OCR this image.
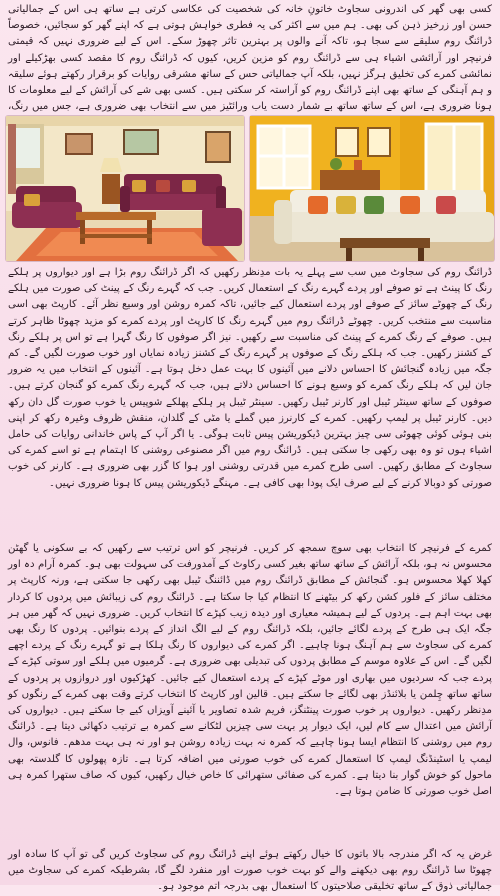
کسی بھی گھر کی اندرونی سجاوٹ خاتونِ خانہ کی شخصیت کی عکاسی کرتی ہے ساتھ ہی اس کے جمالیاتی حسن اور زرخیز ذہن کی بھی۔ ہم میں سے اکثر کی یہ فطری خواہش ہوتی ہے کہ اپنے گھر کو سجائیں، خصوصاً ڈرائنگ روم سلیقے سے سجا ہو، تاکہ آنے والوں پر بہترین تاثر چھوڑ سکے۔ اس کے لیے ضروری نہیں کہ قیمتی فرنیچر اور آرائشی اشیاء ہی سے ڈرائنگ روم کو مزین کریں، کیوں کہ ڈرائنگ روم کا مقصد کسی بھڑکیلے اور نمائشی کمرے کی تخلیق ہرگز نہیں، بلکہ آپ جمالیاتی حس کے ساتھ مشرقی روایات کو برقرار رکھتے ہوئے سلیقہ و ہم آہنگی کے ساتھ بھی اپنے ڈرائنگ روم کو آراستہ کر سکتی ہیں۔ کسی بھی شے کی آرائش کے لیے معلومات کا ہونا ضروری ہے، اس کے ساتھ ساتھ بے شمار دست یاب ورائٹیز میں سے انتخاب بھی ضروری ہے، جس میں رنگ،
ڈرائنگ روم کی سجاوٹ میں سب سے پہلے یہ بات مدِنظر رکھیں کہ اگر ڈرائنگ روم بڑا ہے اور دیواروں پر ہلکے رنگ کا پینٹ ہے تو صوفے اور پردے گہرے رنگ کے استعمال کریں۔ جب کہ گہرے رنگ کے پینٹ کی صورت میں ہلکے رنگ کے چھوٹے سائز کے صوفے اور پردے استعمال کیے جائیں، تاکہ کمرہ روشن اور وسیع نظر آئے۔ کارپٹ بھی اسی مناسبت سے منتخب کریں۔ چھوٹے ڈرائنگ روم میں گہرے رنگ کا کارپٹ اور پردے کمرے کو مزید چھوٹا ظاہر کرتے ہیں۔ صوفے کے رنگ کمرے کے پینٹ کی مناسبت سے رکھیں۔ نیز اگر صوفوں کا رنگ گہرا ہے تو اس پر ہلکے رنگ کے کشنز رکھیں۔ جب کہ ہلکے رنگ کے صوفوں پر گہرے رنگ کے کشنز زیادہ نمایاں اور خوب صورت لگیں گے۔ کم جگہ میں زیادہ گنجائش کا احساس دلانے میں آئینوں کا بہت عمل دخل ہوتا ہے۔ آئینوں کے انتخاب میں یہ ضرور جان لیں کہ ہلکے رنگ کمرے کو وسیع ہونے کا احساس دلاتے ہیں، جب کہ گہرے رنگ کمرے کو گنجان کرتے ہیں۔ صوفوں کے ساتھ سینٹر ٹیبل اور کارنر ٹیبل رکھیں۔ سینٹر ٹیبل پر ہلکے پھلکے شوپیس یا خوب صورت گل دان رکھ دیں۔ کارنر ٹیبل پر لیمپ رکھیں۔ کمرے کے کارنرز میں گملے یا مٹی کے گلدان، منقش ظروف وغیرہ رکھ کر اپنی بنی ہوئی کوئی چھوٹی سی چیز بہترین ڈیکوریشن پیس ثابت ہوگی۔ یا اگر آپ کے پاس خاندانی روایات کی حامل اشیاء ہوں تو وہ بھی رکھی جا سکتی ہیں۔ ڈرائنگ روم میں اگر مصنوعی روشنی کا اہتمام ہے تو اسے کمرے کی سجاوٹ کے مطابق رکھیں۔ اسی طرح کمرے میں قدرتی روشنی اور ہوا کا گزر بھی ضروری ہے۔ کارنر کی خوب صورتی کو دوبالا کرنے کے لیے صرف ایک پودا بھی کافی ہے۔ مہنگے ڈیکوریشن پیس کا ہونا ضروری نہیں۔
کمرے کے فرنیچر کا انتخاب بھی سوچ سمجھ کر کریں۔ فرنیچر کو اس ترتیب سے رکھیں کہ بے سکونی یا گھٹن محسوس نہ ہو، بلکہ آرائش کے ساتھ ساتھ بغیر کسی رکاوٹ کے آمدورفت کی سہولت بھی ہو۔ کمرہ آرام دہ اور کھلا کھلا محسوس ہو۔ گنجائش کے مطابق ڈرائنگ روم میں ڈائننگ ٹیبل بھی رکھی جا سکتی ہے، ورنہ کارپٹ پر مختلف سائز کے فلور کشن رکھ کر بیٹھنے کا انتظام کیا جا سکتا ہے۔ ڈرائنگ روم کی زیبائش میں پردوں کا کردار بھی بہت اہم ہے۔ پردوں کے لیے ہمیشہ معیاری اور دیدہ زیب کپڑے کا انتخاب کریں۔ ضروری نہیں کہ گھر میں ہر جگہ ایک ہی طرح کے پردے لگائے جائیں، بلکہ ڈرائنگ روم کے لیے الگ انداز کے پردے بنوائیں۔ پردوں کا رنگ بھی کمرے کی سجاوٹ سے ہم آہنگ ہونا چاہیے۔ اگر کمرے کی دیواروں کا رنگ ہلکا ہے تو گہرے رنگ کے پردے اچھے لگیں گے۔ اس کے علاوہ موسم کے مطابق پردوں کی تبدیلی بھی ضروری ہے۔ گرمیوں میں ہلکے اور سوتی کپڑے کے پردے جب کہ سردیوں میں بھاری اور موٹے کپڑے کے پردے استعمال کیے جائیں۔ کھڑکیوں اور دروازوں پر پردوں کے ساتھ ساتھ چِلمن یا بلائنڈز بھی لگائے جا سکتے ہیں۔ قالین اور کارپٹ کا انتخاب کرتے وقت بھی کمرے کے رنگوں کو مدِنظر رکھیں۔ دیواروں پر خوب صورت پینٹنگز، فریم شدہ تصاویر یا آئینے آویزاں کیے جا سکتے ہیں۔ دیواروں کی آرائش میں اعتدال سے کام لیں، ایک دیوار پر بہت سی چیزیں لٹکانے سے کمرہ بے ترتیب دکھائی دیتا ہے۔ ڈرائنگ روم میں روشنی کا انتظام ایسا ہونا چاہیے کہ کمرہ نہ بہت زیادہ روشن ہو اور نہ ہی بہت مدھم۔ فانوس، وال لیمپ یا اسٹینڈنگ لیمپ کا استعمال کمرے کی خوب صورتی میں اضافہ کرتا ہے۔ تازہ پھولوں کا گلدستہ بھی ماحول کو خوش گوار بنا دیتا ہے۔ کمرے کی صفائی ستھرائی کا خاص خیال رکھیں، کیوں کہ صاف ستھرا کمرہ ہی اصل خوب صورتی کا ضامن ہوتا ہے۔
غرض یہ کہ اگر مندرجہ بالا باتوں کا خیال رکھتے ہوئے اپنے ڈرائنگ روم کی سجاوٹ کریں گی تو آپ کا سادہ اور چھوٹا سا ڈرائنگ روم بھی دیکھنے والے کو بہت خوب صورت اور منفرد لگے گا، بشرطیکہ کمرے کی سجاوٹ میں جمالیاتی ذوق کے ساتھ تخلیقی صلاحیتوں کا استعمال بھی بدرجہ اتم موجود ہو۔
